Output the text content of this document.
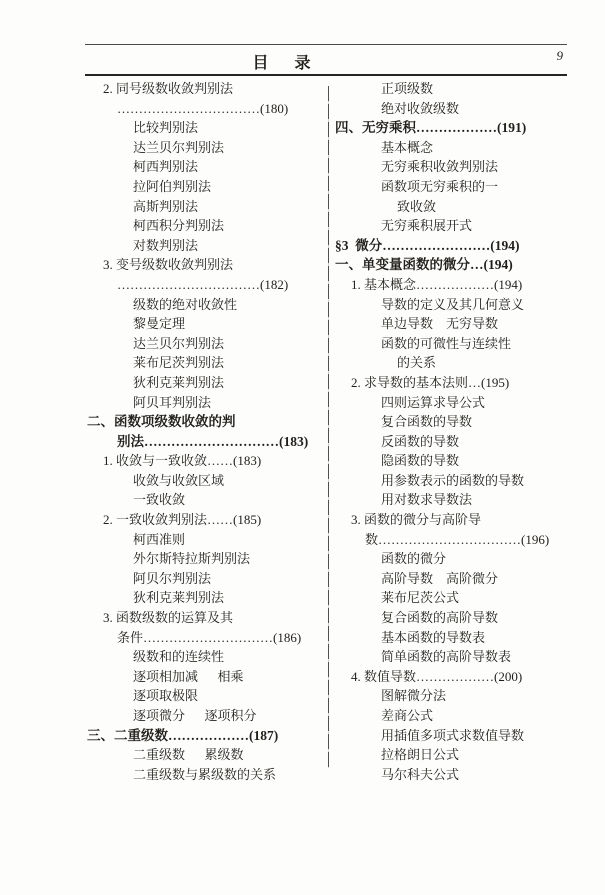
目    录	9
2. 同号级数收敛判别法
……………………………(180)
比较判别法
达兰贝尔判别法
柯西判别法
拉阿伯判别法
高斯判别法
柯西积分判别法
对数判别法
3. 变号级数收敛判别法
……………………………(182)
级数的绝对收敛性
黎曼定理
达兰贝尔判别法
莱布尼茨判别法
狄利克莱判别法
阿贝耳判别法
二、函数项级数收敛的判
别法…………………………(183)
1. 收敛与一致收敛……(183)
收敛与收敛区域
一致收敛
2. 一致收敛判别法……(185)
柯西准则
外尔斯特拉斯判别法
阿贝尔判别法
狄利克莱判别法
3. 函数级数的运算及其
条件…………………………(186)
级数和的连续性
逐项相加减      相乘
逐项取极限
逐项微分      逐项积分
三、二重级数………………(187)
二重级数      累级数
二重级数与累级数的关系
正项级数
绝对收敛级数
四、无穷乘积………………(191)
基本概念
无穷乘积收敛判别法
函数项无穷乘积的一
致收敛
无穷乘积展开式
§3  微分……………………(194)
一、单变量函数的微分…(194)
1. 基本概念………………(194)
导数的定义及其几何意义
单边导数    无穷导数
函数的可微性与连续性
的关系
2. 求导数的基本法则…(195)
四则运算求导公式
复合函数的导数
反函数的导数
隐函数的导数
用参数表示的函数的导数
用对数求导数法
3. 函数的微分与高阶导
数……………………………(196)
函数的微分
高阶导数    高阶微分
莱布尼茨公式
复合函数的高阶导数
基本函数的导数表
简单函数的高阶导数表
4. 数值导数………………(200)
图解微分法
差商公式
用插值多项式求数值导数
拉格朗日公式
马尔科夫公式
